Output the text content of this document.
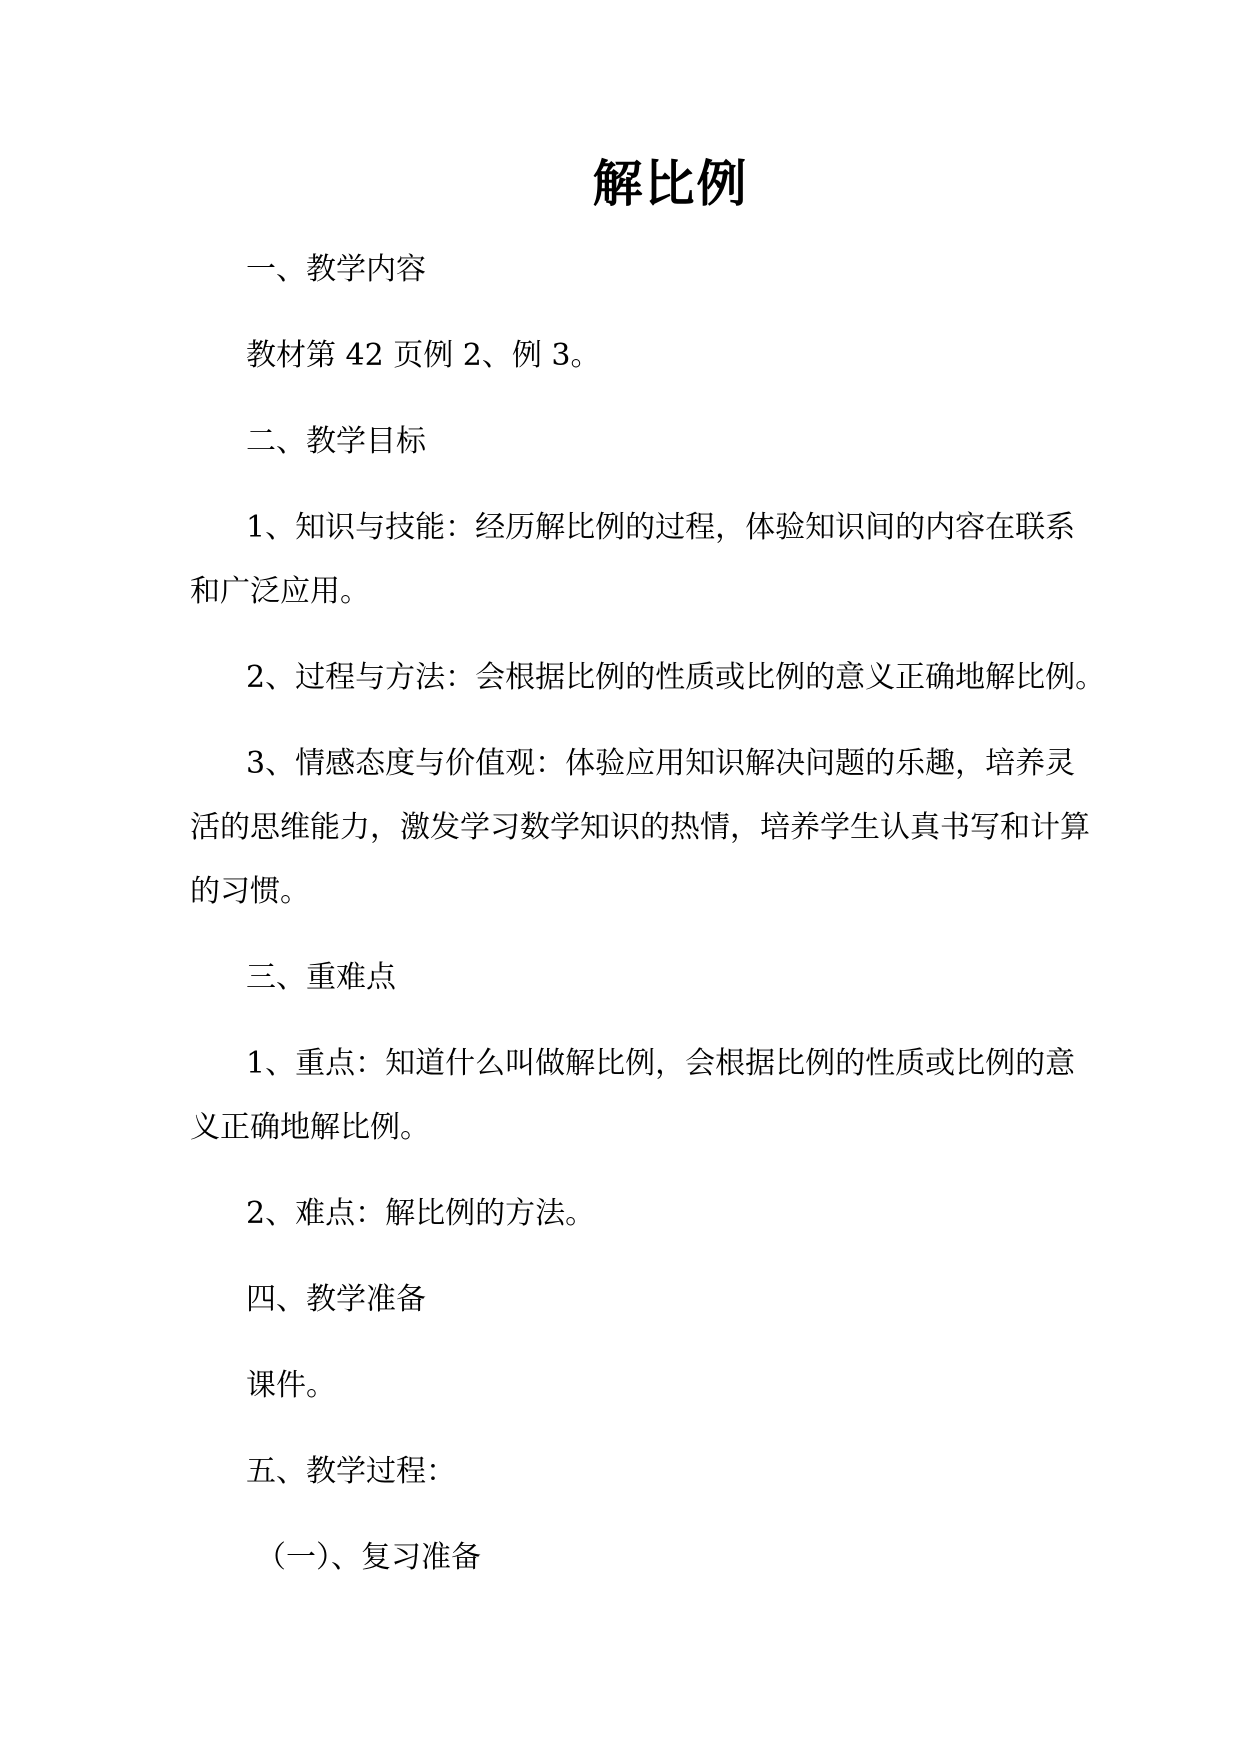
解比例
一、教学内容
教材第 42 页例 2、例 3。
二、教学目标
1、知识与技能：经历解比例的过程，体验知识间的内容在联系
和广泛应用。
2、过程与方法：会根据比例的性质或比例的意义正确地解比例。
3、情感态度与价值观：体验应用知识解决问题的乐趣，培养灵
活的思维能力，激发学习数学知识的热情，培养学生认真书写和计算
的习惯。
三、重难点
1、重点：知道什么叫做解比例，会根据比例的性质或比例的意
义正确地解比例。
2、难点：解比例的方法。
四、教学准备
课件。
五、教学过程：
（一）、复习准备
